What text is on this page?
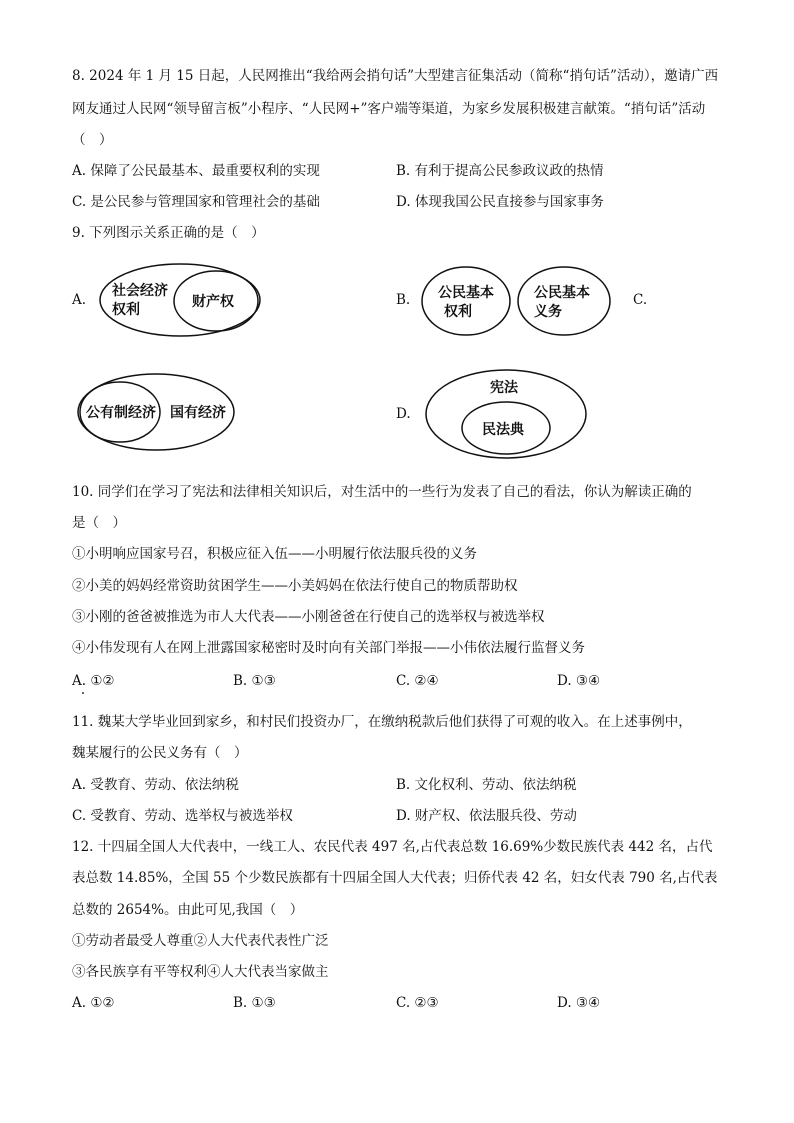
8. 2024 年 1 月 15 日起，人民网推出“我给两会捎句话”大型建言征集活动（简称“捎句话”活动），邀请广西
网友通过人民网“领导留言板”小程序、“人民网+”客户端等渠道，为家乡发展积极建言献策。“捎句话”活动
（　）
A. 保障了公民最基本、最重要权利的实现	B. 有利于提高公民参政议政的热情
C. 是公民参与管理国家和管理社会的基础	D. 体现我国公民直接参与国家事务
9. 下列图示关系正确的是（　）
A.	B.	C.
D.
10. 同学们在学习了宪法和法律相关知识后，对生活中的一些行为发表了自己的看法，你认为解读正确的
是（　）
①小明响应国家号召，积极应征入伍——小明履行依法服兵役的义务
②小美的妈妈经常资助贫困学生——小美妈妈在依法行使自己的物质帮助权
③小刚的爸爸被推选为市人大代表——小刚爸爸在行使自己的选举权与被选举权
④小伟发现有人在网上泄露国家秘密时及时向有关部门举报——小伟依法履行监督义务
A. ①②	B. ①③	C. ②④	D. ③④
11. 魏某大学毕业回到家乡，和村民们投资办厂，在缴纳税款后他们获得了可观的收入。在上述事例中，
魏某履行的公民义务有（　）
A. 受教育、劳动、依法纳税	B. 文化权利、劳动、依法纳税
C. 受教育、劳动、选举权与被选举权	D. 财产权、依法服兵役、劳动
12. 十四届全国人大代表中，一线工人、农民代表 497 名,占代表总数 16.69%少数民族代表 442 名，占代
表总数 14.85%，全国 55 个少数民族都有十四届全国人大代表；归侨代表 42 名，妇女代表 790 名,占代表
总数的 2654%。由此可见,我国（　）
①劳动者最受人尊重②人大代表代表性广泛
③各民族享有平等权利④人大代表当家做主
A. ①②	B. ①③	C. ②③	D. ③④
社会经济
权利	财产权
公民基本
权利
公民基本
义务
公有制经济 国有经济
宪法
民法典
